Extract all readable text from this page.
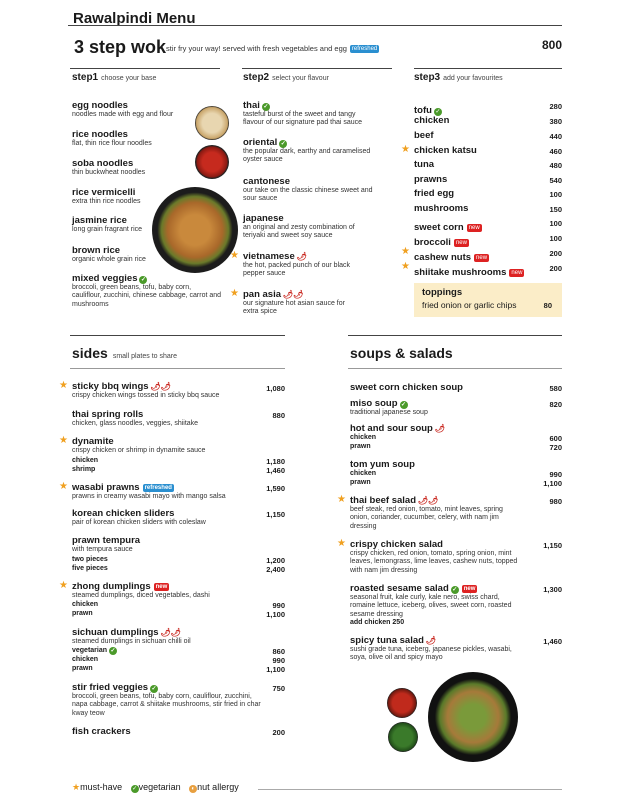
Rawalpindi Menu
3 step wok stir fry your way! served with fresh vegetables and egg refreshed	800
step1 choose your base	step2 select your flavour	step3 add your favourites
egg noodles
noodles made with egg and flour
rice noodles
flat, thin rice flour noodles
soba noodles
thin buckwheat noodles
rice vermicelli
extra thin rice noodles
jasmine rice
long grain fragrant rice
brown rice
organic whole grain rice
mixed veggies ✓
broccoli, green beans, tofu, baby corn, cauliflour, zucchini, chinese cabbage, carrot and mushrooms
thai ✓
tasteful burst of the sweet and tangy flavour of our signature pad thai sauce
oriental ✓
the popular dark, earthy and caramelised oyster sauce
cantonese
our take on the classic chinese sweet and sour sauce
japanese
an original and zesty combination of teriyaki and sweet soy sauce
★ vietnamese 🌶
the hot, packed punch of our black pepper sauce
★ pan asia 🌶🌶
our signature hot asian sauce for extra spice
tofu ✓
280
chicken	380
beef	440
★ chicken katsu	460
tuna	480
prawns	540
fried egg	100
mushrooms	150
sweet corn new	100
broccoli new	100
★
cashew nuts new	200
★
shiitake mushrooms new	200
toppings
fried onion or garlic chips	80
sides small plates to share	soups & salads
★ sticky bbq wings 🌶🌶
crispy chicken wings tossed in sticky bbq sauce
1,080
thai spring rolls
chicken, glass noodles, veggies, shiitake
880
★ dynamite
crispy chicken or shrimp in dynamite sauce
chicken	1,180
shrimp	1,460
★ wasabi prawns refreshed
prawns in creamy wasabi mayo with mango salsa
1,590
korean chicken sliders
pair of korean chicken sliders with coleslaw
1,150
prawn tempura
with tempura sauce
two pieces	1,200
five pieces	2,400
★ zhong dumplings new
steamed dumplings, diced vegetables, dashi
chicken	990
prawn	1,100
sichuan dumplings 🌶🌶
steamed dumplings in sichuan chilli oil
vegetarian ✓	860
chicken	990
prawn	1,100
stir fried veggies ✓
broccoli, green beans, tofu, baby corn, cauliflour, zucchini, napa cabbage, carrot & shiitake mushrooms, stir fried in char kway teow
750
fish crackers	200
sweet corn chicken soup	580
miso soup ✓
traditional japanese soup
820
hot and sour soup 🌶
chicken	600
prawn	720
tom yum soup
chicken	990
prawn	1,100
★ thai beef salad 🌶🌶
beef steak, red onion, tomato, mint leaves, spring onion, coriander, cucumber, celery, with nam jim dressing
980
★ crispy chicken salad
crispy chicken, red onion, tomato, spring onion, mint leaves, lemongrass, lime leaves, cashew nuts, topped with nam jim dressing
1,150
roasted sesame salad ✓ new
seasonal fruit, kale curly, kale nero, swiss chard, romaine lettuce, iceberg, olives, sweet corn, roasted sesame dressing
add chicken 250
1,300
spicy tuna salad 🌶
sushi grade tuna, iceberg, japanese pickles, wasabi, soya, olive oil and spicy mayo
1,460
★must-have ✓vegetarian ◐ nut allergy
